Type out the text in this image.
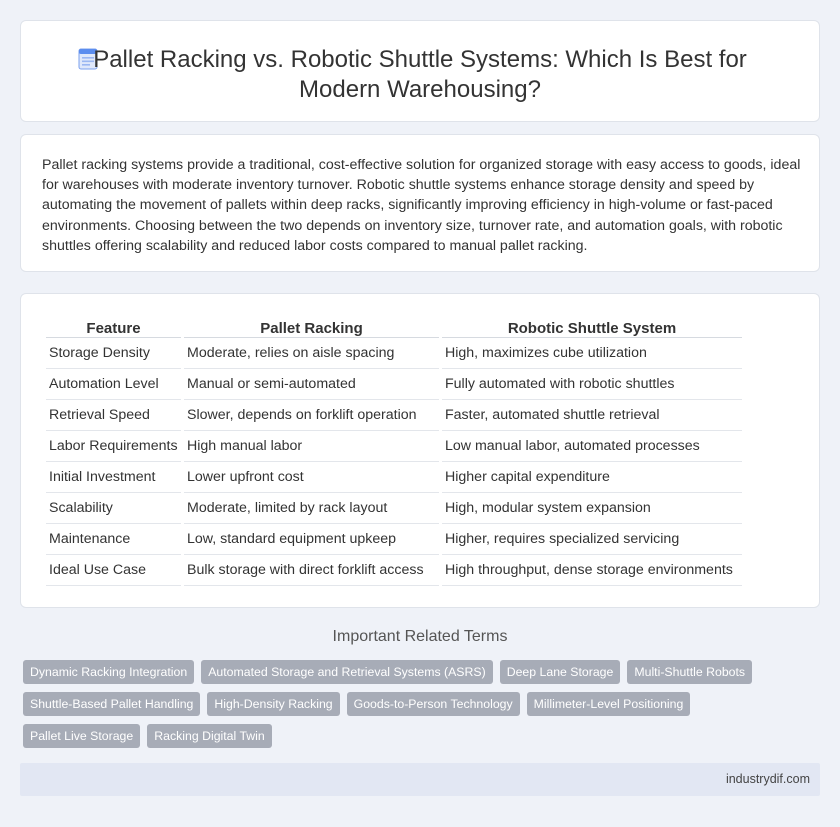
Pallet Racking vs. Robotic Shuttle Systems: Which Is Best for Modern Warehousing?

Pallet racking systems provide a traditional, cost-effective solution for organized storage with easy access to goods, ideal for warehouses with moderate inventory turnover. Robotic shuttle systems enhance storage density and speed by automating the movement of pallets within deep racks, significantly improving efficiency in high-volume or fast-paced environments. Choosing between the two depends on inventory size, turnover rate, and automation goals, with robotic shuttles offering scalability and reduced labor costs compared to manual pallet racking.

Feature	Pallet Racking	Robotic Shuttle System
Storage Density	Moderate, relies on aisle spacing	High, maximizes cube utilization
Automation Level	Manual or semi-automated	Fully automated with robotic shuttles
Retrieval Speed	Slower, depends on forklift operation	Faster, automated shuttle retrieval
Labor Requirements	High manual labor	Low manual labor, automated processes
Initial Investment	Lower upfront cost	Higher capital expenditure
Scalability	Moderate, limited by rack layout	High, modular system expansion
Maintenance	Low, standard equipment upkeep	Higher, requires specialized servicing
Ideal Use Case	Bulk storage with direct forklift access	High throughput, dense storage environments
Important Related Terms
Dynamic Racking Integration Automated Storage and Retrieval Systems (ASRS) Deep Lane Storage Multi-Shuttle RobotsShuttle-Based Pallet Handling High-Density Racking Goods-to-Person Technology Millimeter-Level PositioningPallet Live Storage Racking Digital Twin
industrydif.com
